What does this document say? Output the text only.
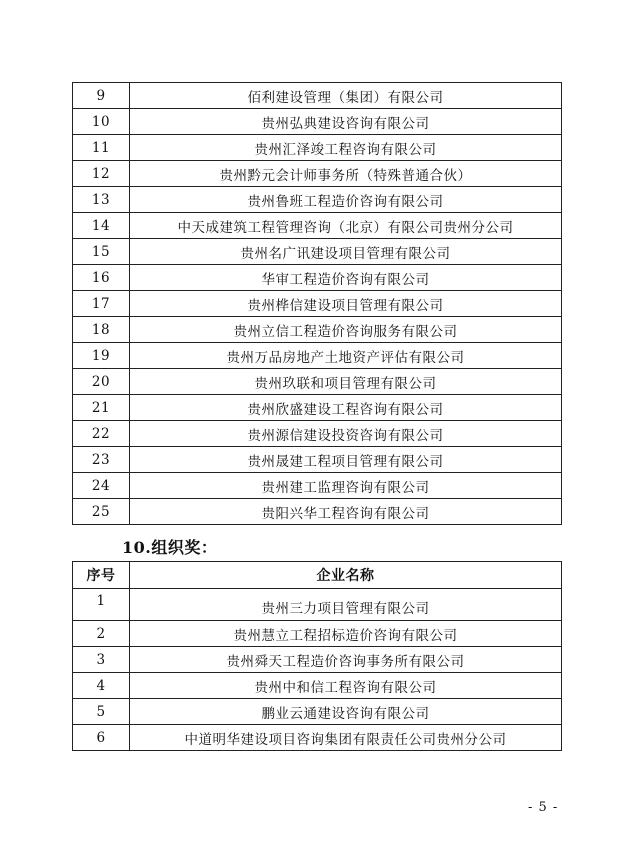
9	佰利建设管理（集团）有限公司
10	贵州弘典建设咨询有限公司
11	贵州汇泽竣工程咨询有限公司
12	贵州黔元会计师事务所（特殊普通合伙）
13	贵州鲁班工程造价咨询有限公司
14	中天成建筑工程管理咨询（北京）有限公司贵州分公司
15	贵州名广讯建设项目管理有限公司
16	华审工程造价咨询有限公司
17	贵州桦信建设项目管理有限公司
18	贵州立信工程造价咨询服务有限公司
19	贵州万品房地产土地资产评估有限公司
20	贵州玖联和项目管理有限公司
21	贵州欣盛建设工程咨询有限公司
22	贵州源信建设投资咨询有限公司
23	贵州晟建工程项目管理有限公司
24	贵州建工监理咨询有限公司
25	贵阳兴华工程咨询有限公司
10.组织奖：
序号	企业名称
1	贵州三力项目管理有限公司
2	贵州慧立工程招标造价咨询有限公司
3	贵州舜天工程造价咨询事务所有限公司
4	贵州中和信工程咨询有限公司
5	鹏业云通建设咨询有限公司
6	中道明华建设项目咨询集团有限责任公司贵州分公司
- 5 -
